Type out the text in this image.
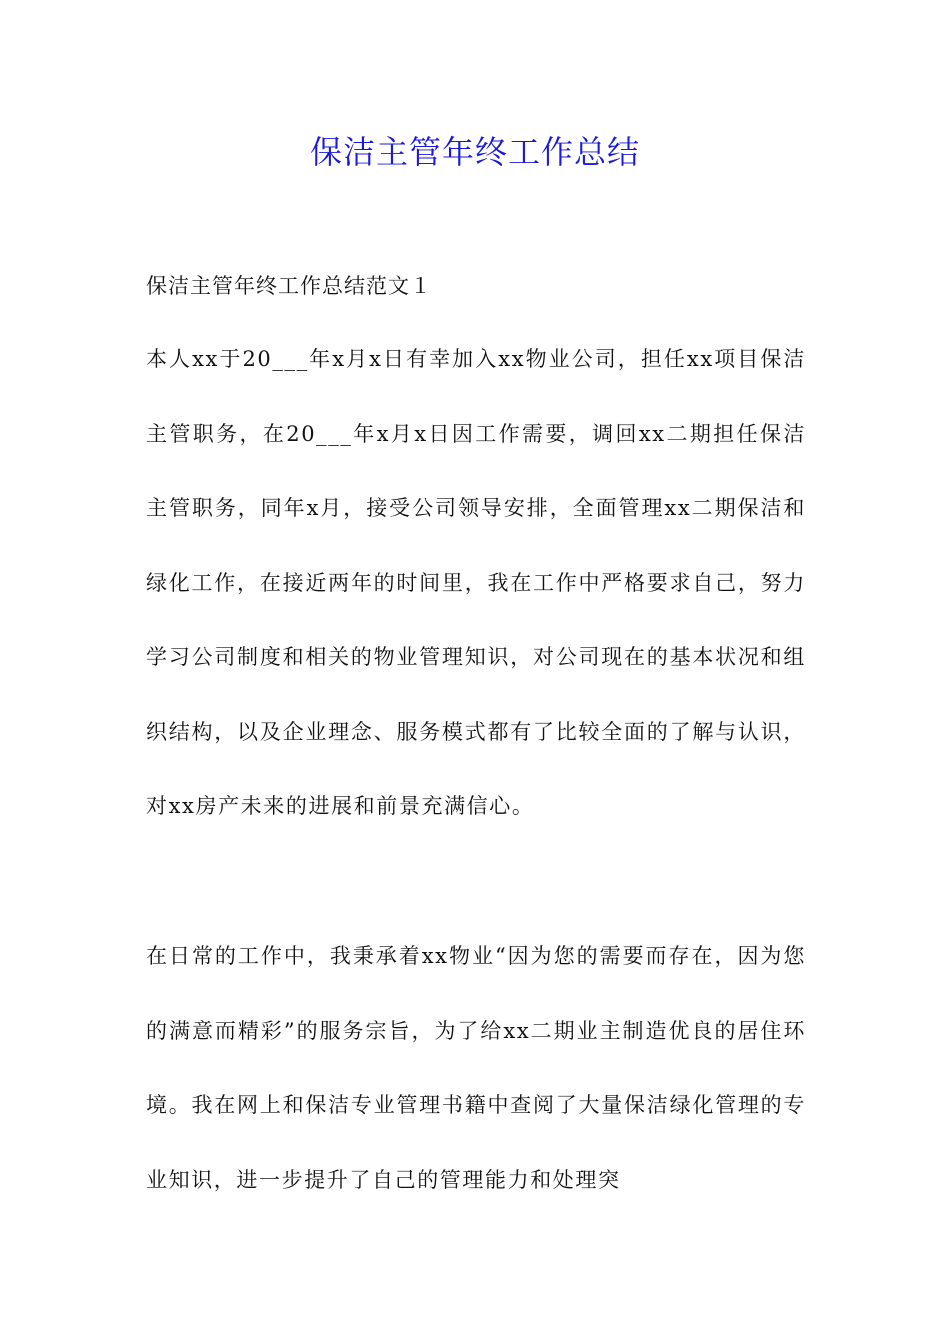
保洁主管年终工作总结

保洁主管年终工作总结范文１

本人xx于20___年x月x日有幸加入xx物业公司，担任xx项目保洁主管职务，在20___年x月x日因工作需要，调回xx二期担任保洁主管职务，同年x月，接受公司领导安排，全面管理xx二期保洁和绿化工作，在接近两年的时间里，我在工作中严格要求自己，努力学习公司制度和相关的物业管理知识，对公司现在的基本状况和组织结构，以及企业理念、服务模式都有了比较全面的了解与认识，对xx房产未来的进展和前景充满信心。

在日常的工作中，我秉承着xx物业“因为您的需要而存在，因为您的满意而精彩”的服务宗旨，为了给xx二期业主制造优良的居住环境。我在网上和保洁专业管理书籍中查阅了大量保洁绿化管理的专业知识，进一步提升了自己的管理能力和处理突
